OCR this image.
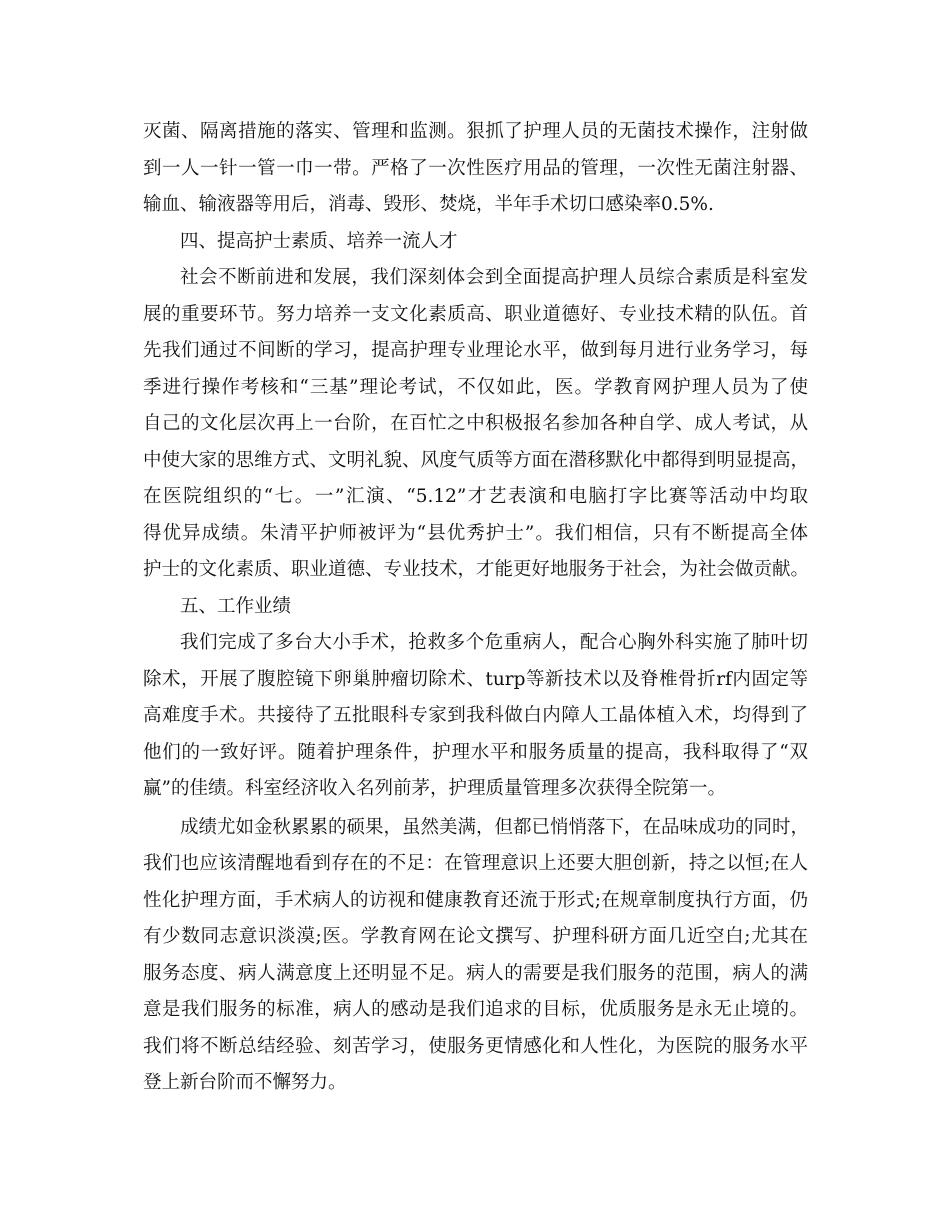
灭菌、隔离措施的落实、管理和监测。狠抓了护理人员的无菌技术操作，注射做
到一人一针一管一巾一带。严格了一次性医疗用品的管理，一次性无菌注射器、
输血、输液器等用后，消毒、毁形、焚烧，半年手术切口感染率0.5%.
四、提高护士素质、培养一流人才
社会不断前进和发展，我们深刻体会到全面提高护理人员综合素质是科室发
展的重要环节。努力培养一支文化素质高、职业道德好、专业技术精的队伍。首
先我们通过不间断的学习，提高护理专业理论水平，做到每月进行业务学习，每
季进行操作考核和“三基”理论考试，不仅如此，医。学教育网护理人员为了使
自己的文化层次再上一台阶，在百忙之中积极报名参加各种自学、成人考试，从
中使大家的思维方式、文明礼貌、风度气质等方面在潜移默化中都得到明显提高，
在医院组织的“七。一”汇演、“5.12”才艺表演和电脑打字比赛等活动中均取
得优异成绩。朱清平护师被评为“县优秀护士”。我们相信，只有不断提高全体
护士的文化素质、职业道德、专业技术，才能更好地服务于社会，为社会做贡献。
五、工作业绩
我们完成了多台大小手术，抢救多个危重病人，配合心胸外科实施了肺叶切
除术，开展了腹腔镜下卵巢肿瘤切除术、turp等新技术以及脊椎骨折rf内固定等
高难度手术。共接待了五批眼科专家到我科做白内障人工晶体植入术，均得到了
他们的一致好评。随着护理条件，护理水平和服务质量的提高，我科取得了“双
赢”的佳绩。科室经济收入名列前茅，护理质量管理多次获得全院第一。
成绩尤如金秋累累的硕果，虽然美满，但都已悄悄落下，在品味成功的同时，
我们也应该清醒地看到存在的不足：在管理意识上还要大胆创新，持之以恒;在人
性化护理方面，手术病人的访视和健康教育还流于形式;在规章制度执行方面，仍
有少数同志意识淡漠;医。学教育网在论文撰写、护理科研方面几近空白;尤其在
服务态度、病人满意度上还明显不足。病人的需要是我们服务的范围，病人的满
意是我们服务的标准，病人的感动是我们追求的目标，优质服务是永无止境的。
我们将不断总结经验、刻苦学习，使服务更情感化和人性化，为医院的服务水平
登上新台阶而不懈努力。
